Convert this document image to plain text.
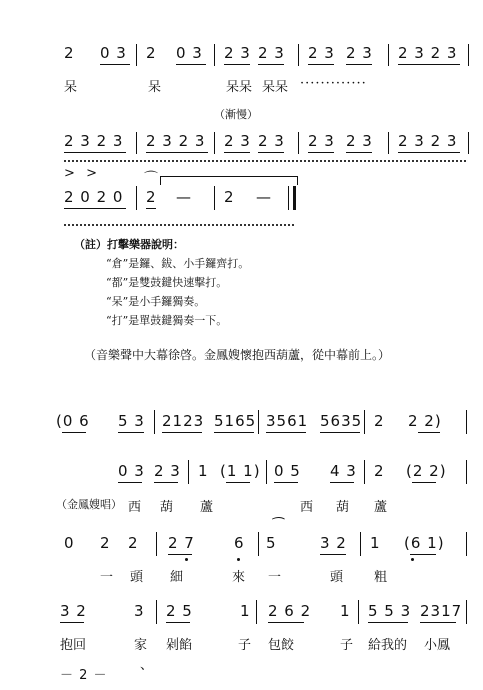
2 0 3 2 0 3 2 3 2 3 2 3 2 3 2 3 2 3
呆	呆	呆呆 呆呆 ·············
（漸慢）
2 3 2 3 2 3 2 3 2 3 2 3 2 3 2 3 2 3 2 3
>  >
2 0 2 0
⌒
2 — 2 —
（註）打擊樂器說明：
“倉”是鑼、鈸、小手鑼齊打。
“都”是雙鼓鍵快速擊打。
“呆”是小手鑼獨奏。
“打”是單鼓鍵獨奏一下。
（音樂聲中大幕徐啓。金鳳嫂懷抱西葫蘆，從中幕前上。）
(0 6 5 3 2123 5165 3561 5635 2 2 2)
0 3 2 3 1 (1 1) 0 5 4 3 2 (2 2)
（金鳳嫂唱） 西 葫 蘆	西 葫 蘆
0 2 2 2 7	6
⁀
5	3 2 1 (6 1)
一 頭 細	來 一	頭 粗
3 2	3 2 5	1 2 6 2 1 5 5 3 2317
抱回	家 剁餡	子 包餃	子 給我的 小鳳
、
－ 2 －
